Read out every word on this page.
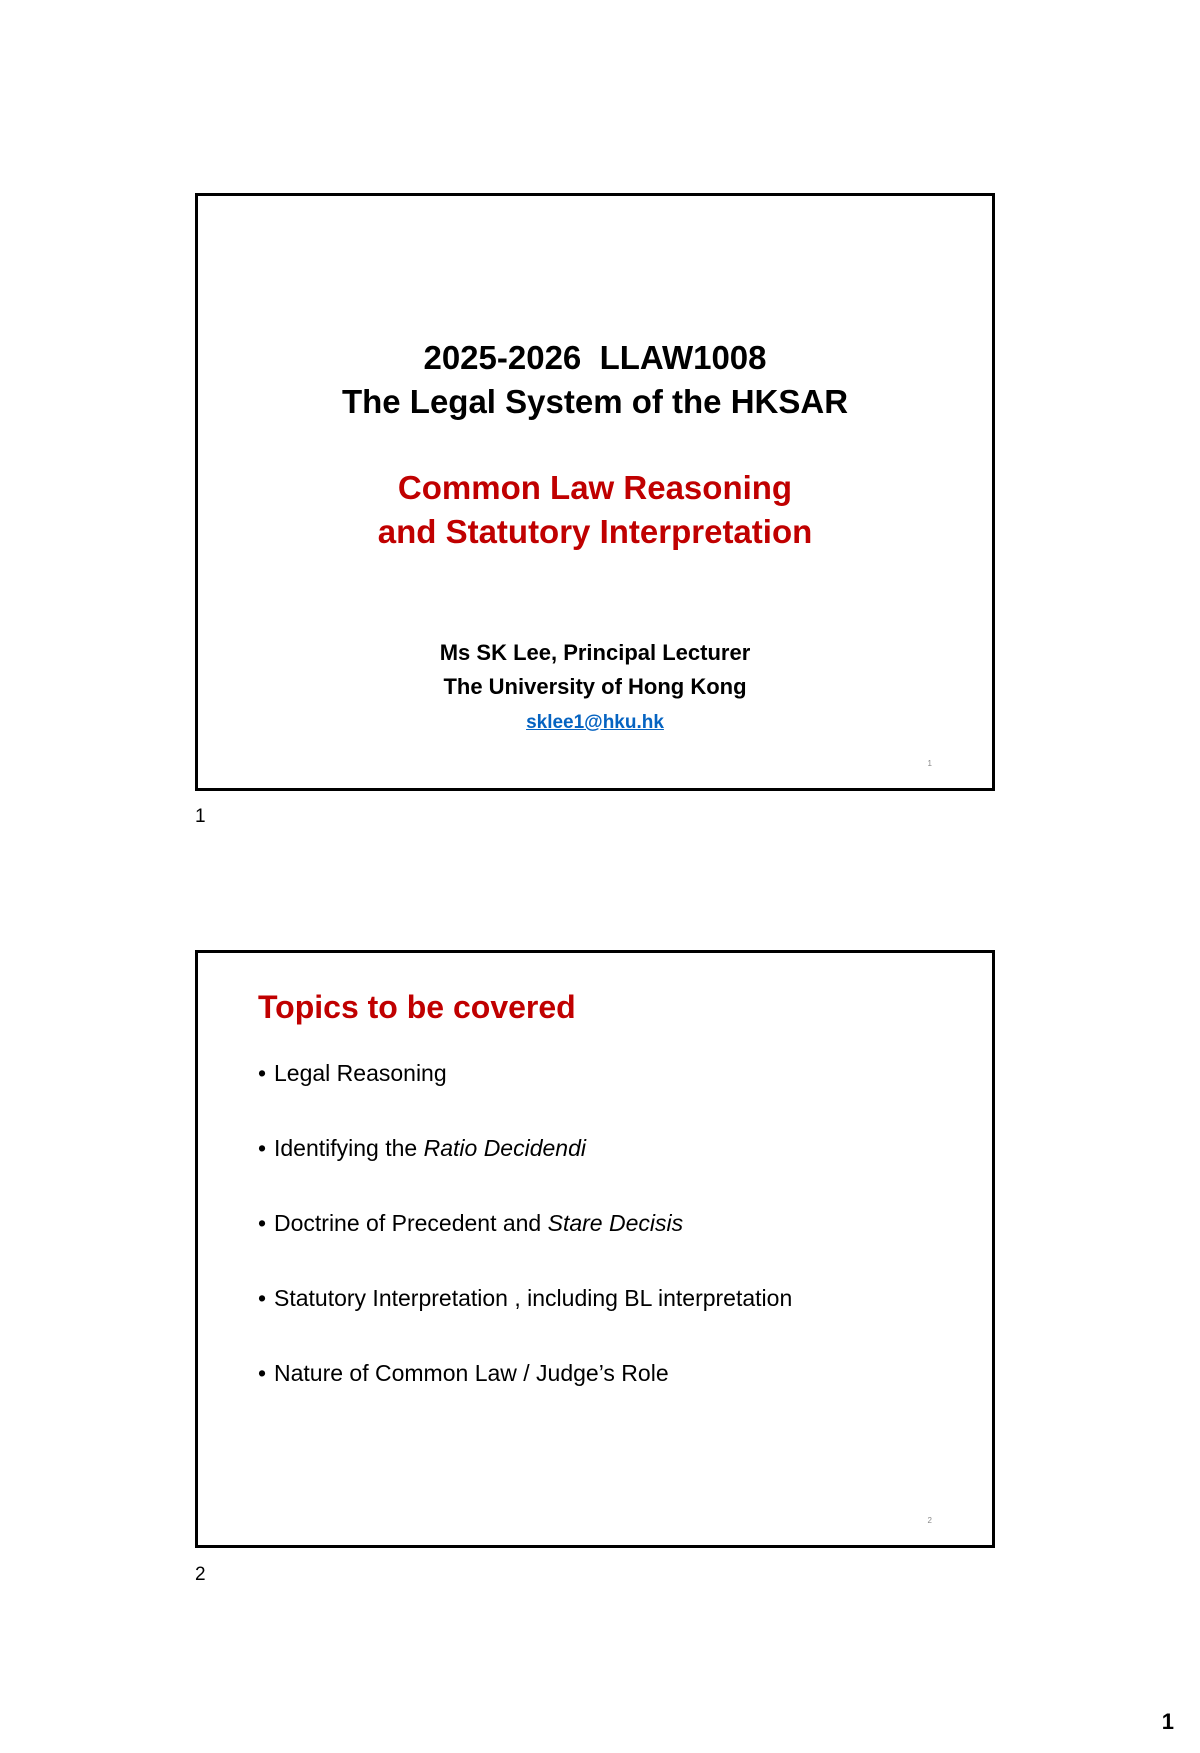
2025-2026  LLAW1008
The Legal System of the HKSAR
Common Law Reasoning
and Statutory Interpretation
Ms SK Lee, Principal Lecturer
The University of Hong Kong
sklee1@hku.hk
1
1
Topics to be covered
• Legal Reasoning
• Identifying the Ratio Decidendi
• Doctrine of Precedent and Stare Decisis
• Statutory Interpretation , including BL interpretation
• Nature of Common Law / Judge’s Role
2
2
1
